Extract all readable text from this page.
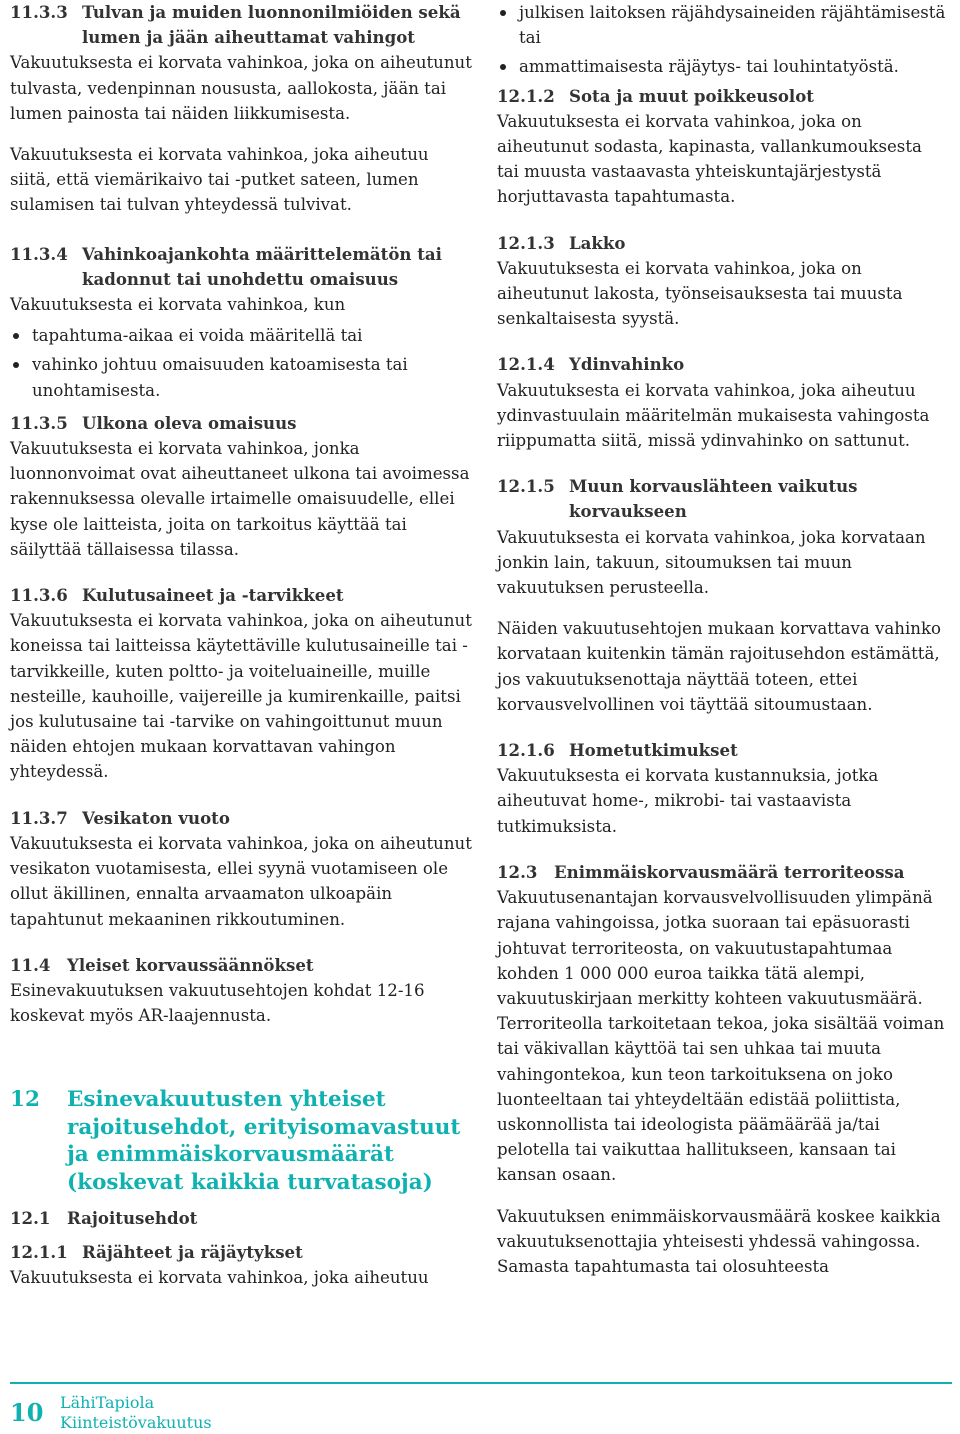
11.3.3 Tulvan ja muiden luonnonilmiöiden sekä lumen ja jään aiheuttamat vahingot

Vakuutuksesta ei korvata vahinkoa, joka on aiheutunut tulvasta, vedenpinnan noususta, aallokosta, jään tai lumen painosta tai näiden liikkumisesta.

Vakuutuksesta ei korvata vahinkoa, joka aiheutuu siitä, että viemärikaivo tai -putket sateen, lumen sulamisen tai tulvan yhteydessä tulvivat.

11.3.4 Vahinkoajankohta määrittelemätön tai kadonnut tai unohdettu omaisuus

Vakuutuksesta ei korvata vahinkoa, kun

tapahtuma-aikaa ei voida määritellä tai
vahinko johtuu omaisuuden katoamisesta tai unohtamisesta.
11.3.5 Ulkona oleva omaisuus

Vakuutuksesta ei korvata vahinkoa, jonka luonnonvoimat ovat aiheuttaneet ulkona tai avoimessa rakennuksessa olevalle irtaimelle omaisuudelle, ellei kyse ole laitteista, joita on tarkoitus käyttää tai säilyttää tällaisessa tilassa.

11.3.6 Kulutusaineet ja -tarvikkeet

Vakuutuksesta ei korvata vahinkoa, joka on aiheutunut koneissa tai laitteissa käytettäville kulutusaineille tai -tarvikkeille, kuten poltto- ja voiteluaineille, muille nesteille, kauhoille, vaijereille ja kumirenkaille, paitsi jos kulutusaine tai -tarvike on vahingoittunut muun näiden ehtojen mukaan korvattavan vahingon yhteydessä.

11.3.7 Vesikaton vuoto

Vakuutuksesta ei korvata vahinkoa, joka on aiheutunut vesikaton vuotamisesta, ellei syynä vuotamiseen ole ollut äkillinen, ennalta arvaamaton ulkoapäin tapahtunut mekaaninen rikkoutuminen.

11.4 Yleiset korvaussäännökset

Esinevakuutuksen vakuutusehtojen kohdat 12-16 koskevat myös AR-laajennusta.

12	Esinevakuutusten yhteiset rajoitusehdot, erityisomavastuut ja enimmäiskorvausmäärät (koskevat kaikkia turvatasoja)
12.1 Rajoitusehdot
12.1.1 Räjähteet ja räjäytykset

Vakuutuksesta ei korvata vahinkoa, joka aiheutuu

julkisen laitoksen räjähdysaineiden räjähtämisestä tai
ammattimaisesta räjäytys- tai louhintatyöstä.
12.1.2 Sota ja muut poikkeusolot

Vakuutuksesta ei korvata vahinkoa, joka on aiheutunut sodasta, kapinasta, vallankumouksesta tai muusta vastaavasta yhteiskuntajärjestystä horjuttavasta tapahtumasta.

12.1.3 Lakko

Vakuutuksesta ei korvata vahinkoa, joka on aiheutunut lakosta, työnseisauksesta tai muusta senkaltaisesta syystä.

12.1.4 Ydinvahinko

Vakuutuksesta ei korvata vahinkoa, joka aiheutuu ydinvastuulain määritelmän mukaisesta vahingosta riippumatta siitä, missä ydinvahinko on sattunut.

12.1.5 Muun korvauslähteen vaikutus korvaukseen

Vakuutuksesta ei korvata vahinkoa, joka korvataan jonkin lain, takuun, sitoumuksen tai muun vakuutuksen perusteella.

Näiden vakuutusehtojen mukaan korvattava vahinko korvataan kuitenkin tämän rajoitusehdon estämättä, jos vakuutuksenottaja näyttää toteen, ettei korvausvelvollinen voi täyttää sitoumustaan.

12.1.6 Hometutkimukset

Vakuutuksesta ei korvata kustannuksia, jotka aiheutuvat home-, mikrobi- tai vastaavista tutkimuksista.

12.3 Enimmäiskorvausmäärä terroriteossa

Vakuutusenantajan korvausvelvollisuuden ylimpänä rajana vahingoissa, jotka suoraan tai epäsuorasti johtuvat terroriteosta, on vakuutustapahtumaa kohden 1 000 000 euroa taikka tätä alempi, vakuutuskirjaan merkitty kohteen vakuutusmäärä. Terroriteolla tarkoitetaan tekoa, joka sisältää voiman tai väkivallan käyttöä tai sen uhkaa tai muuta vahingontekoa, kun teon tarkoituksena on joko luonteeltaan tai yhteydeltään edistää poliittista, uskonnollista tai ideologista päämäärää ja/tai pelotella tai vaikuttaa hallitukseen, kansaan tai kansan osaan.

Vakuutuksen enimmäiskorvausmäärä koskee kaikkia vakuutuksenottajia yhteisesti yhdessä vahingossa. Samasta tapahtumasta tai olosuhteesta

10 LähiTapiola
Kiinteistövakuutus
